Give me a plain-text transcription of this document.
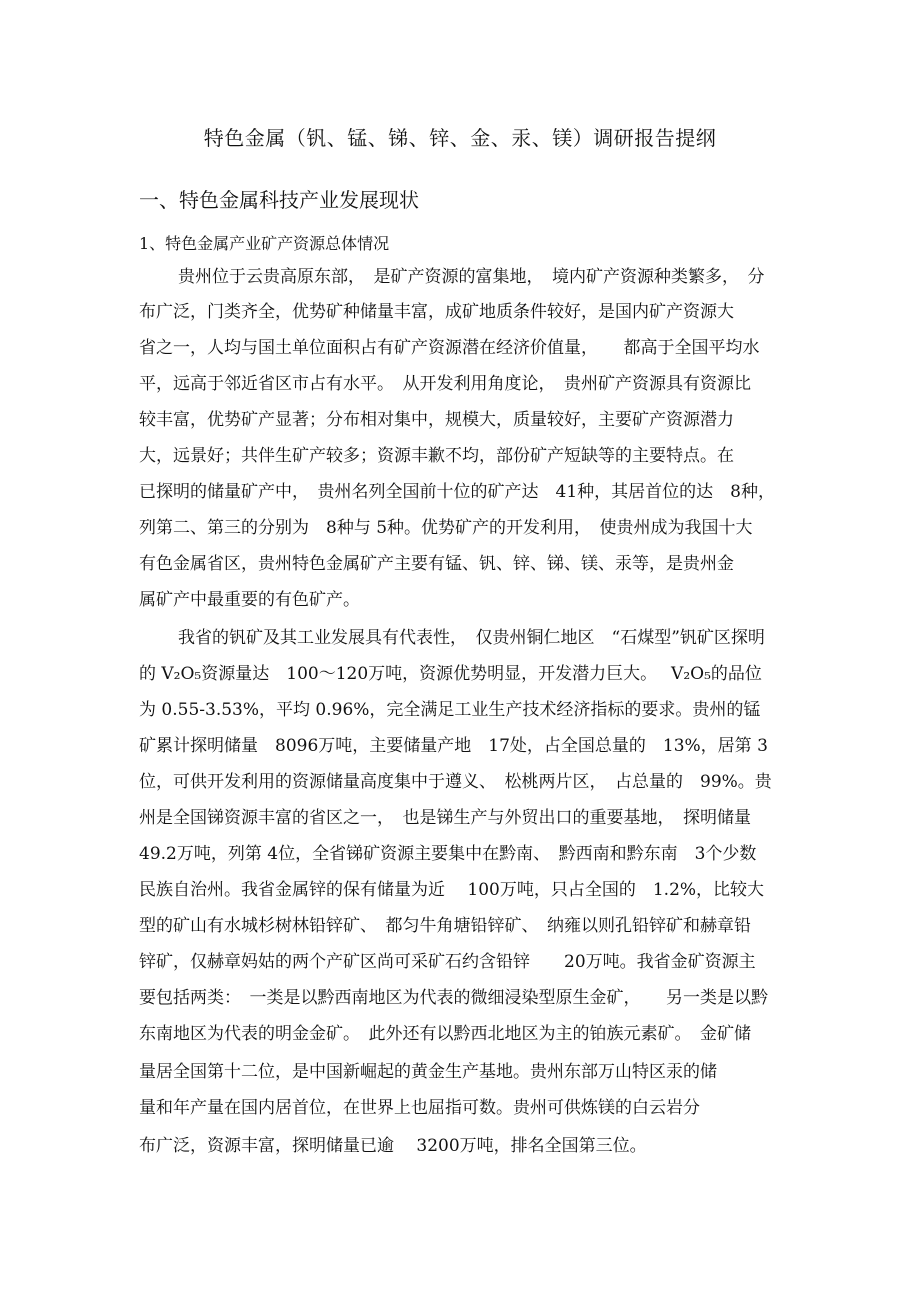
特色金属（钒、锰、锑、锌、金、汞、镁）调研报告提纲
一、特色金属科技产业发展现状
1、特色金属产业矿产资源总体情况
贵州位于云贵高原东部，　是矿产资源的富集地，　境内矿产资源种类繁多，　分
布广泛，门类齐全，优势矿种储量丰富，成矿地质条件较好，是国内矿产资源大
省之一，人均与国土单位面积占有矿产资源潜在经济价值量，　　都高于全国平均水
平，远高于邻近省区市占有水平。　从开发利用角度论，　贵州矿产资源具有资源比
较丰富，优势矿产显著；分布相对集中，规模大，质量较好，主要矿产资源潜力
大，远景好；共伴生矿产较多；资源丰歉不均，部份矿产短缺等的主要特点。在
已探明的储量矿产中，　贵州名列全国前十位的矿产达　41种，其居首位的达　8种，
列第二、第三的分别为　8种与 5种。优势矿产的开发利用，　使贵州成为我国十大
有色金属省区，贵州特色金属矿产主要有锰、钒、锌、锑、镁、汞等，是贵州金
属矿产中最重要的有色矿产。
我省的钒矿及其工业发展具有代表性，　仅贵州铜仁地区　“石煤型”钒矿区探明
的 V₂O₅资源量达　100～120万吨，资源优势明显，开发潜力巨大。　 V₂O₅的品位
为 0.55-3.53%，平均 0.96%，完全满足工业生产技术经济指标的要求。贵州的锰
矿累计探明储量　8096万吨，主要储量产地　17处，占全国总量的　13%，居第 3
位，可供开发利用的资源储量高度集中于遵义、　松桃两片区，　占总量的　99%。贵
州是全国锑资源丰富的省区之一，　也是锑生产与外贸出口的重要基地，　探明储量
49.2万吨，列第 4位，全省锑矿资源主要集中在黔南、　黔西南和黔东南　3个少数
民族自治州。我省金属锌的保有储量为近　 100万吨，只占全国的　1.2%，比较大
型的矿山有水城杉树林铅锌矿、　都匀牛角塘铅锌矿、　纳雍以则孔铅锌矿和赫章铅
锌矿，仅赫章妈姑的两个产矿区尚可采矿石约含铅锌　　20万吨。我省金矿资源主
要包括两类：　一类是以黔西南地区为代表的微细浸染型原生金矿，　　另一类是以黔
东南地区为代表的明金金矿。　此外还有以黔西北地区为主的铂族元素矿。　金矿储
量居全国第十二位，是中国新崛起的黄金生产基地。贵州东部万山特区汞的储
量和年产量在国内居首位，在世界上也屈指可数。贵州可供炼镁的白云岩分
布广泛，资源丰富，探明储量已逾　 3200万吨，排名全国第三位。
